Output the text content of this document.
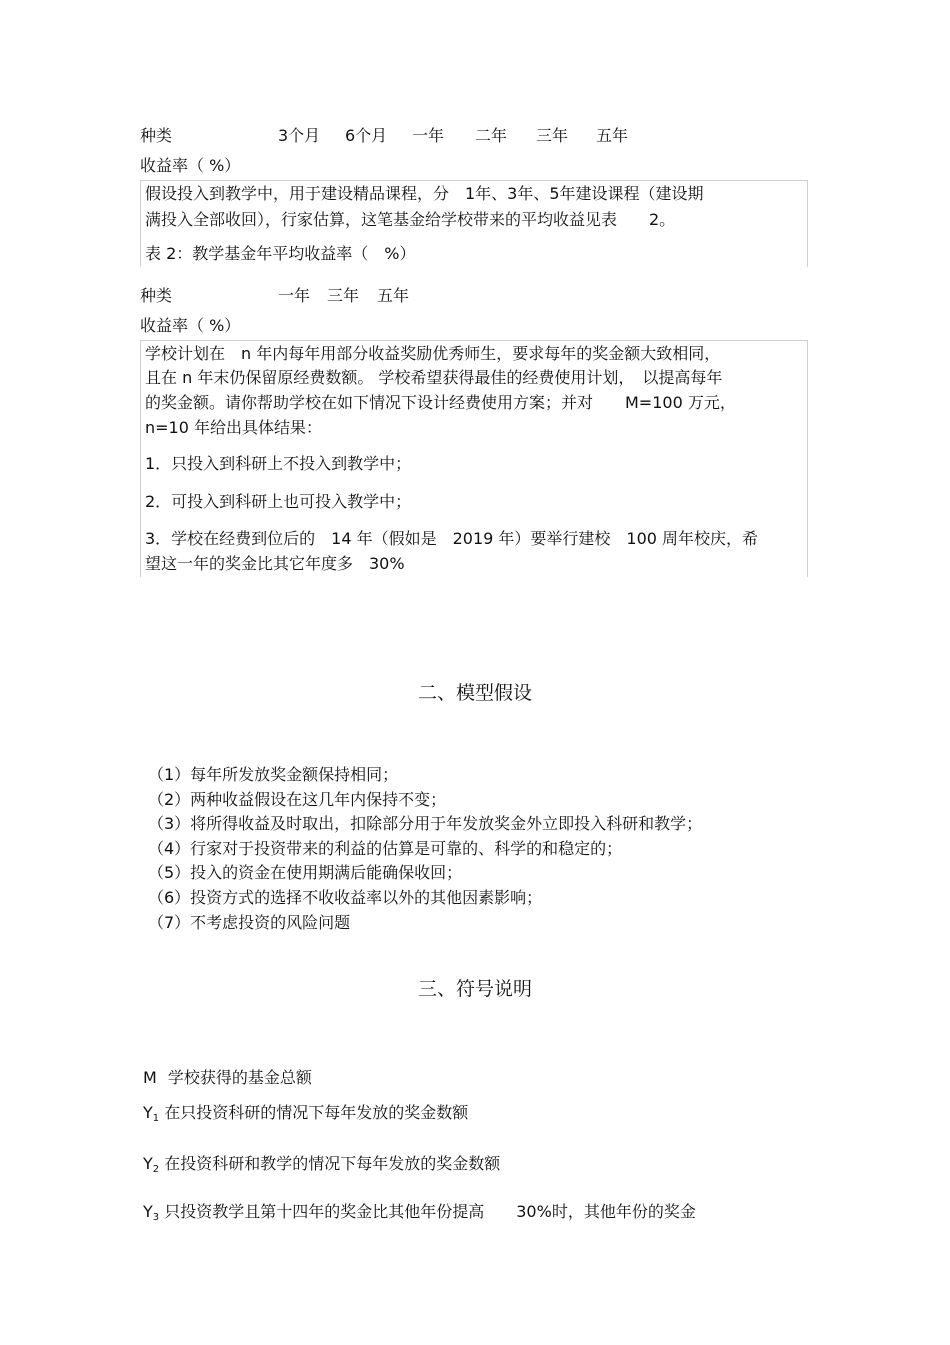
种类	3个月 6个月 一年 二年 三年 五年
收益率（ %）

假设投入到教学中，用于建设精品课程，分　1年、3年、5年建设课程（建设期

满投入全部收回），行家估算，这笔基金给学校带来的平均收益见表　　2。

表 2：教学基金年平均收益率（　%）

种类	一年 三年 五年
收益率（ %）

学校计划在　n 年内每年用部分收益奖励优秀师生，要求每年的奖金额大致相同，

且在 n 年末仍保留原经费数额。 学校希望获得最佳的经费使用计划，　以提高每年

的奖金额。请你帮助学校在如下情况下设计经费使用方案；并对　　M=100 万元，

n=10 年给出具体结果：

1．只投入到科研上不投入到教学中；

2．可投入到科研上也可投入教学中；

3．学校在经费到位后的　14 年（假如是　2019 年）要举行建校　100 周年校庆，希

望这一年的奖金比其它年度多　30%

二、模型假设
（1）每年所发放奖金额保持相同；
（2）两种收益假设在这几年内保持不变；
（3）将所得收益及时取出，扣除部分用于年发放奖金外立即投入科研和教学；
（4）行家对于投资带来的利益的估算是可靠的、科学的和稳定的；
（5）投入的资金在使用期满后能确保收回；
（6）投资方式的选择不收收益率以外的其他因素影响；
（7）不考虑投资的风险问题
三、符号说明
M 学校获得的基金总额
$Y_1$ 在只投资科研的情况下每年发放的奖金数额
$Y_2$ 在投资科研和教学的情况下每年发放的奖金数额
$Y_3$ 只投资教学且第十四年的奖金比其他年份提高　　30%时，其他年份的奖金
